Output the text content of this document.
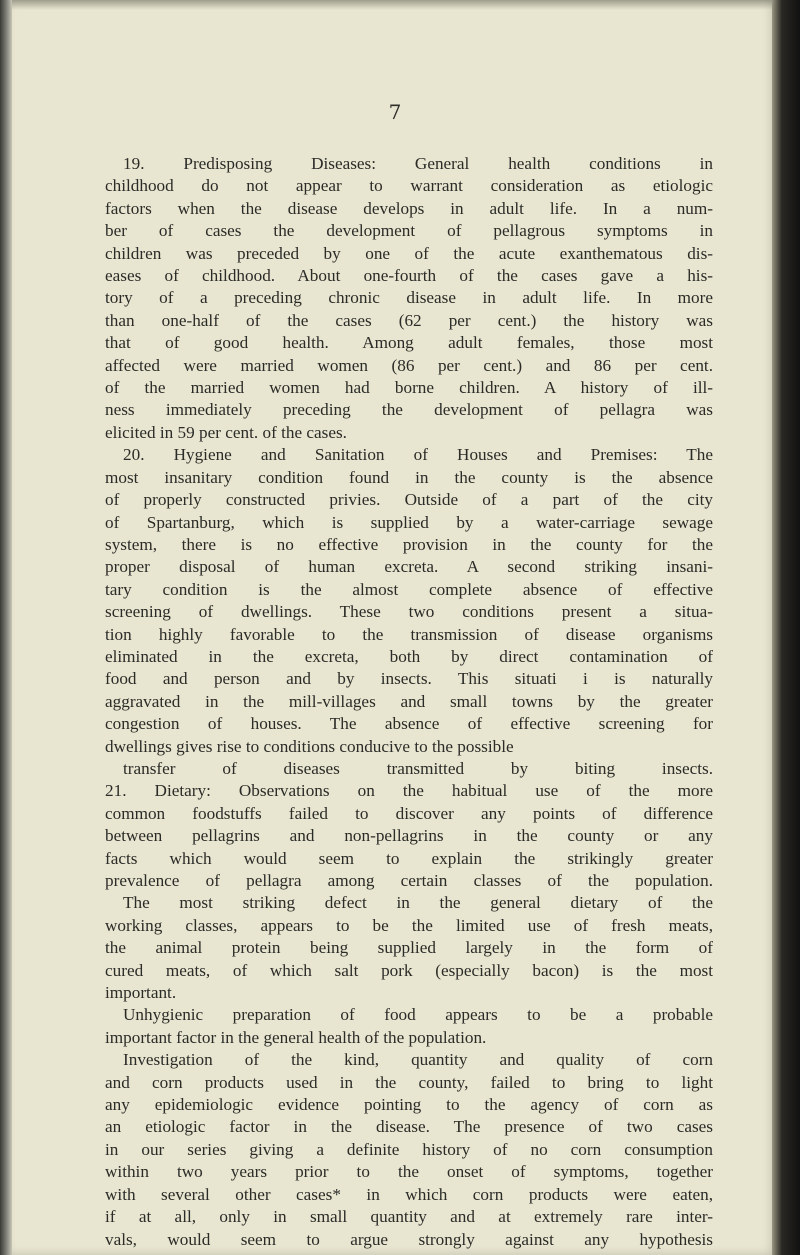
7
19. Predisposing Diseases: General health conditions in
childhood do not appear to warrant consideration as etiologic
factors when the disease develops in adult life. In a num-
ber of cases the development of pellagrous symptoms in
children was preceded by one of the acute exanthematous dis-
eases of childhood. About one-fourth of the cases gave a his-
tory of a preceding chronic disease in adult life. In more
than one-half of the cases (62 per cent.) the history was
that of good health. Among adult females, those most
affected were married women (86 per cent.) and 86 per cent.
of the married women had borne children. A history of ill-
ness immediately preceding the development of pellagra was
elicited in 59 per cent. of the cases.
20. Hygiene and Sanitation of Houses and Premises: The
most insanitary condition found in the county is the absence
of properly constructed privies. Outside of a part of the city
of Spartanburg, which is supplied by a water-carriage sewage
system, there is no effective provision in the county for the
proper disposal of human excreta. A second striking insani-
tary condition is the almost complete absence of effective
screening of dwellings. These two conditions present a situa-
tion highly favorable to the transmission of disease organisms
eliminated in the excreta, both by direct contamination of
food and person and by insects. This situati i is naturally
aggravated in the mill-villages and small towns by the greater
congestion of houses. The absence of effective screening for
dwellings gives rise to conditions conducive to the possible
transfer of diseases transmitted by biting insects.
21. Dietary: Observations on the habitual use of the more
common foodstuffs failed to discover any points of difference
between pellagrins and non-pellagrins in the county or any
facts which would seem to explain the strikingly greater
prevalence of pellagra among certain classes of the population.
The most striking defect in the general dietary of the
working classes, appears to be the limited use of fresh meats,
the animal protein being supplied largely in the form of
cured meats, of which salt pork (especially bacon) is the most
important.
Unhygienic preparation of food appears to be a probable
important factor in the general health of the population.
Investigation of the kind, quantity and quality of corn
and corn products used in the county, failed to bring to light
any epidemiologic evidence pointing to the agency of corn as
an etiologic factor in the disease. The presence of two cases
in our series giving a definite history of no corn consumption
within two years prior to the onset of symptoms, together
with several other cases* in which corn products were eaten,
if at all, only in small quantity and at extremely rare inter-
vals, would seem to argue strongly against any hypothesis
